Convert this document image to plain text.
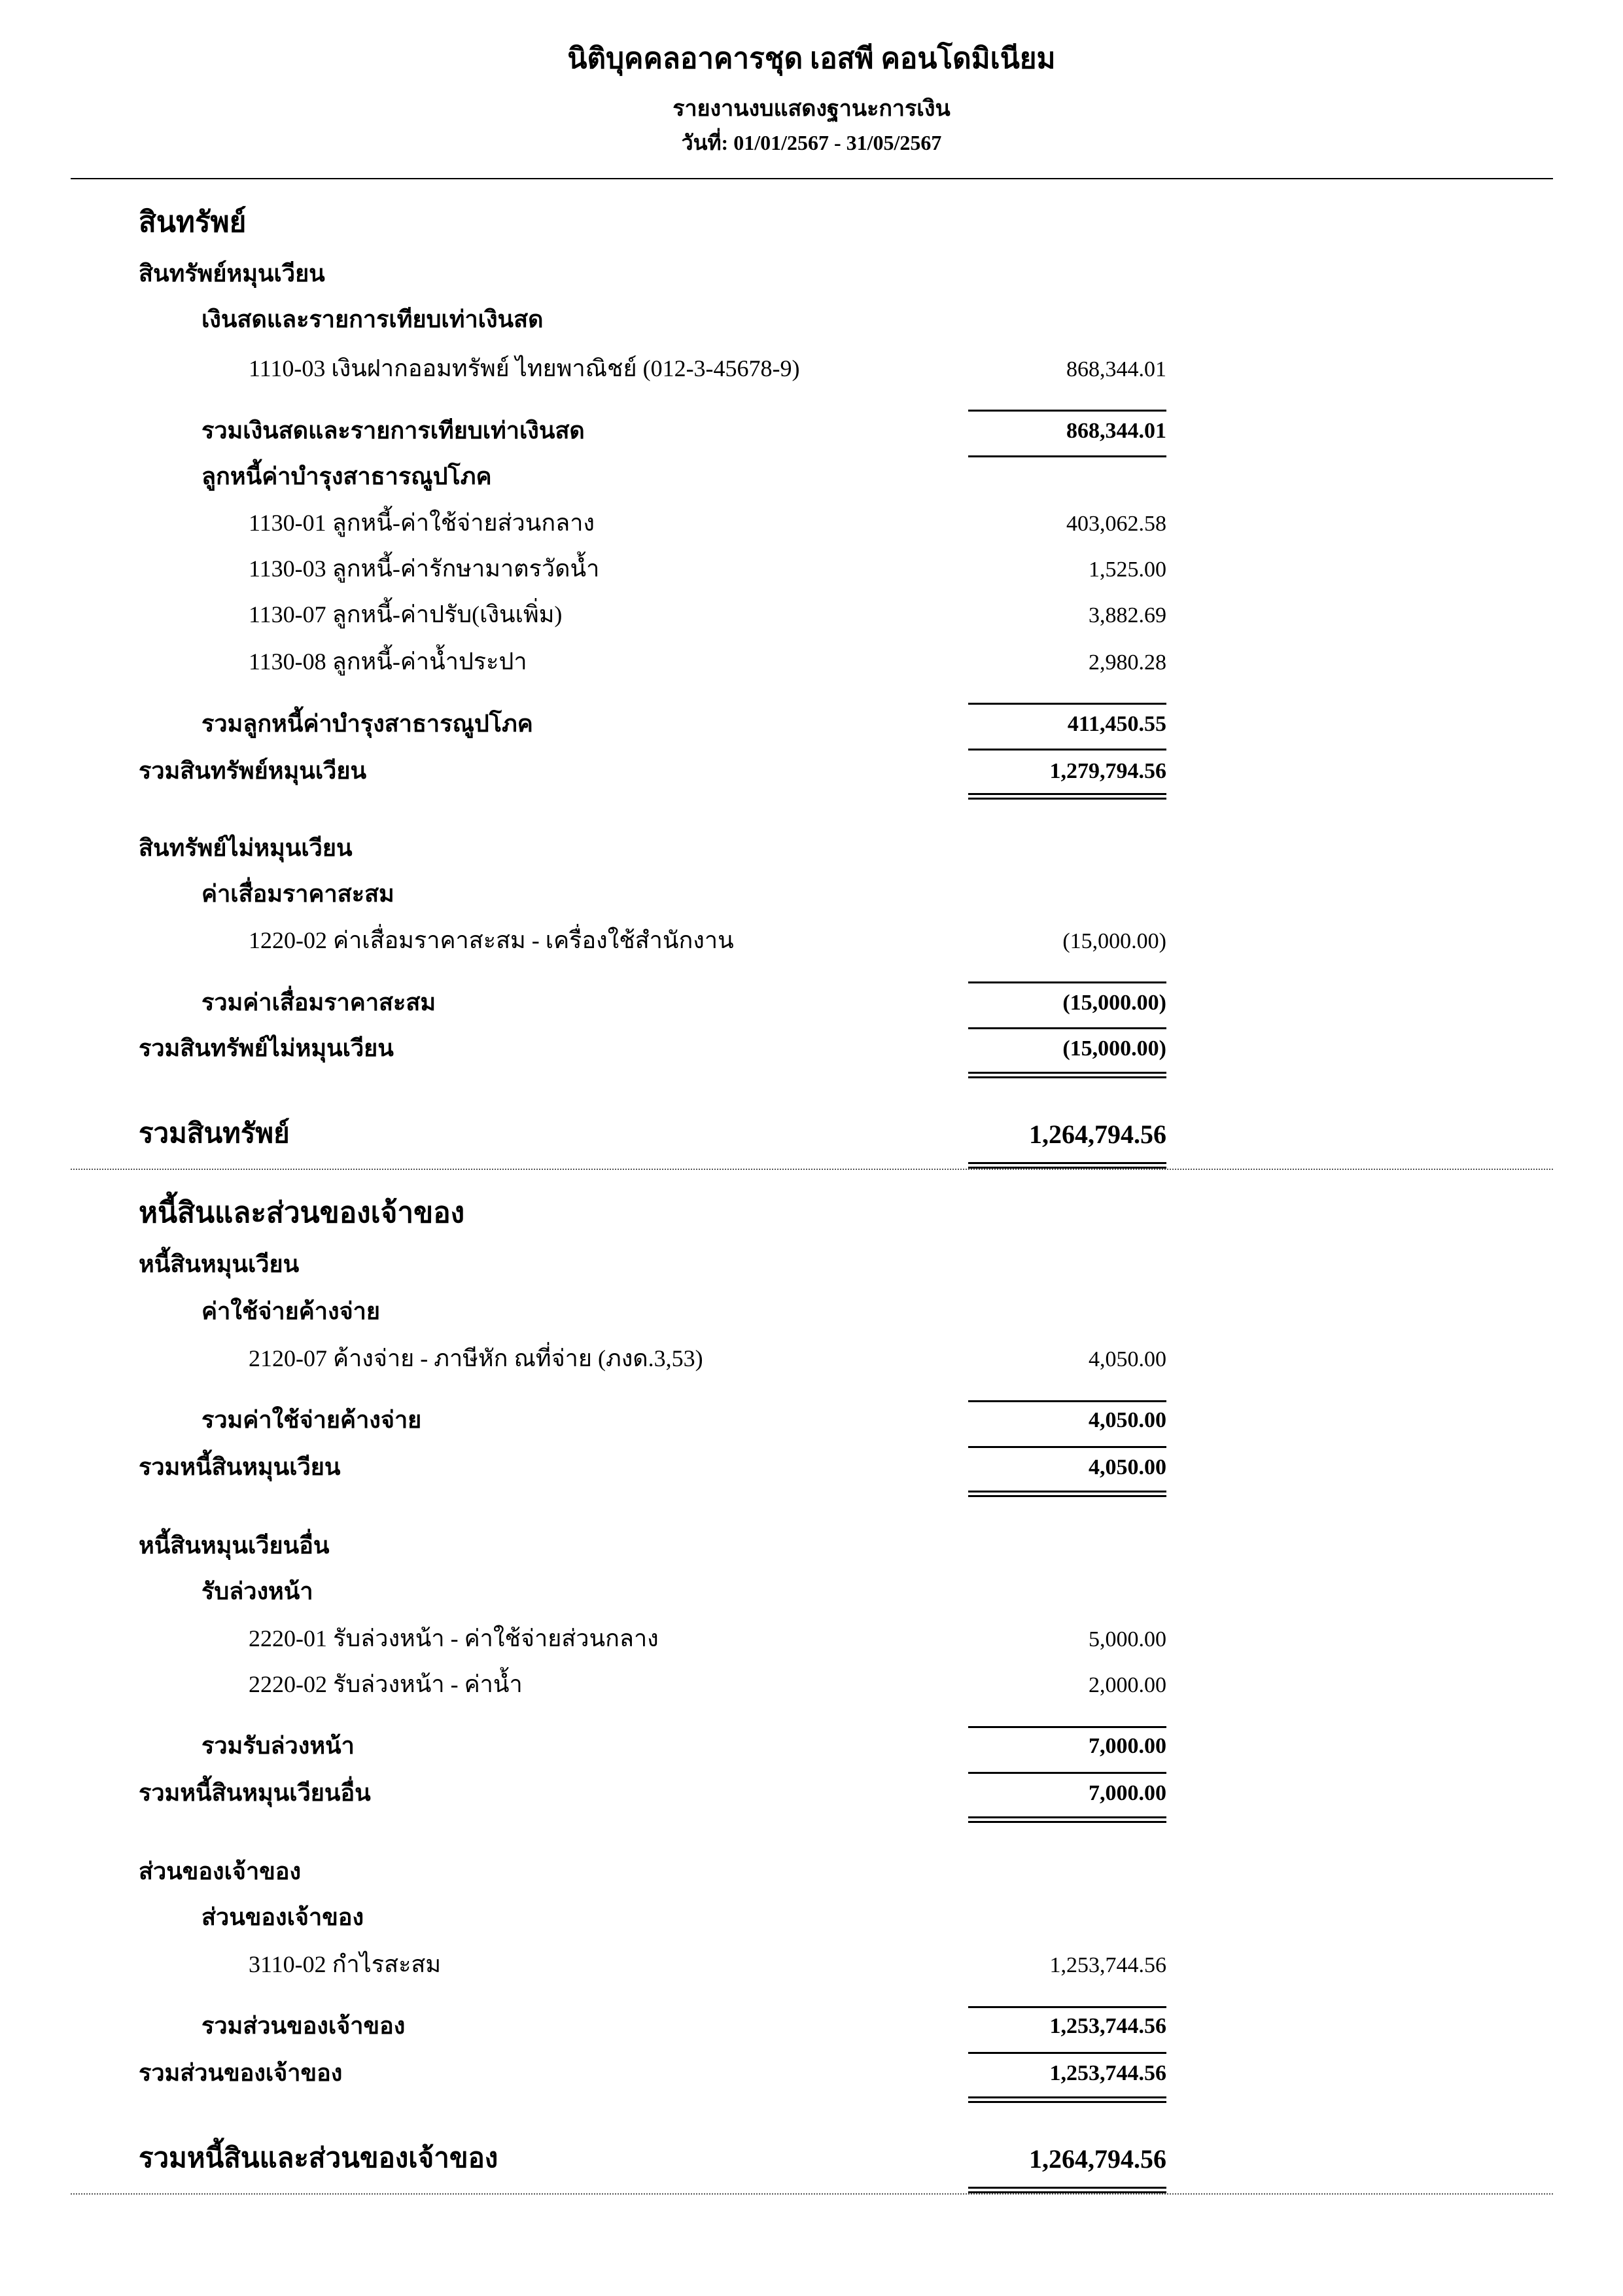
นิติบุคคลอาคารชุด เอสพี คอนโดมิเนียม
รายงานงบแสดงฐานะการเงิน
วันที่: 01/01/2567 - 31/05/2567
สินทรัพย์
สินทรัพย์หมุนเวียน
เงินสดและรายการเทียบเท่าเงินสด
1110-03 เงินฝากออมทรัพย์ ไทยพาณิชย์ (012-3-45678-9)	868,344.01
รวมเงินสดและรายการเทียบเท่าเงินสด	868,344.01
ลูกหนี้ค่าบำรุงสาธารณูปโภค
1130-01 ลูกหนี้-ค่าใช้จ่ายส่วนกลาง	403,062.58
1130-03 ลูกหนี้-ค่ารักษามาตรวัดน้ำ	1,525.00
1130-07 ลูกหนี้-ค่าปรับ(เงินเพิ่ม)	3,882.69
1130-08 ลูกหนี้-ค่าน้ำประปา	2,980.28
รวมลูกหนี้ค่าบำรุงสาธารณูปโภค	411,450.55
รวมสินทรัพย์หมุนเวียน	1,279,794.56
สินทรัพย์ไม่หมุนเวียน
ค่าเสื่อมราคาสะสม
1220-02 ค่าเสื่อมราคาสะสม - เครื่องใช้สำนักงาน	(15,000.00)
รวมค่าเสื่อมราคาสะสม	(15,000.00)
รวมสินทรัพย์ไม่หมุนเวียน	(15,000.00)
รวมสินทรัพย์	1,264,794.56
หนี้สินและส่วนของเจ้าของ
หนี้สินหมุนเวียน
ค่าใช้จ่ายค้างจ่าย
2120-07 ค้างจ่าย - ภาษีหัก ณที่จ่าย (ภงด.3,53)	4,050.00
รวมค่าใช้จ่ายค้างจ่าย	4,050.00
รวมหนี้สินหมุนเวียน	4,050.00
หนี้สินหมุนเวียนอื่น
รับล่วงหน้า
2220-01 รับล่วงหน้า - ค่าใช้จ่ายส่วนกลาง	5,000.00
2220-02 รับล่วงหน้า - ค่าน้ำ	2,000.00
รวมรับล่วงหน้า	7,000.00
รวมหนี้สินหมุนเวียนอื่น	7,000.00
ส่วนของเจ้าของ
ส่วนของเจ้าของ
3110-02 กำไรสะสม	1,253,744.56
รวมส่วนของเจ้าของ	1,253,744.56
รวมส่วนของเจ้าของ	1,253,744.56
รวมหนี้สินและส่วนของเจ้าของ	1,264,794.56
